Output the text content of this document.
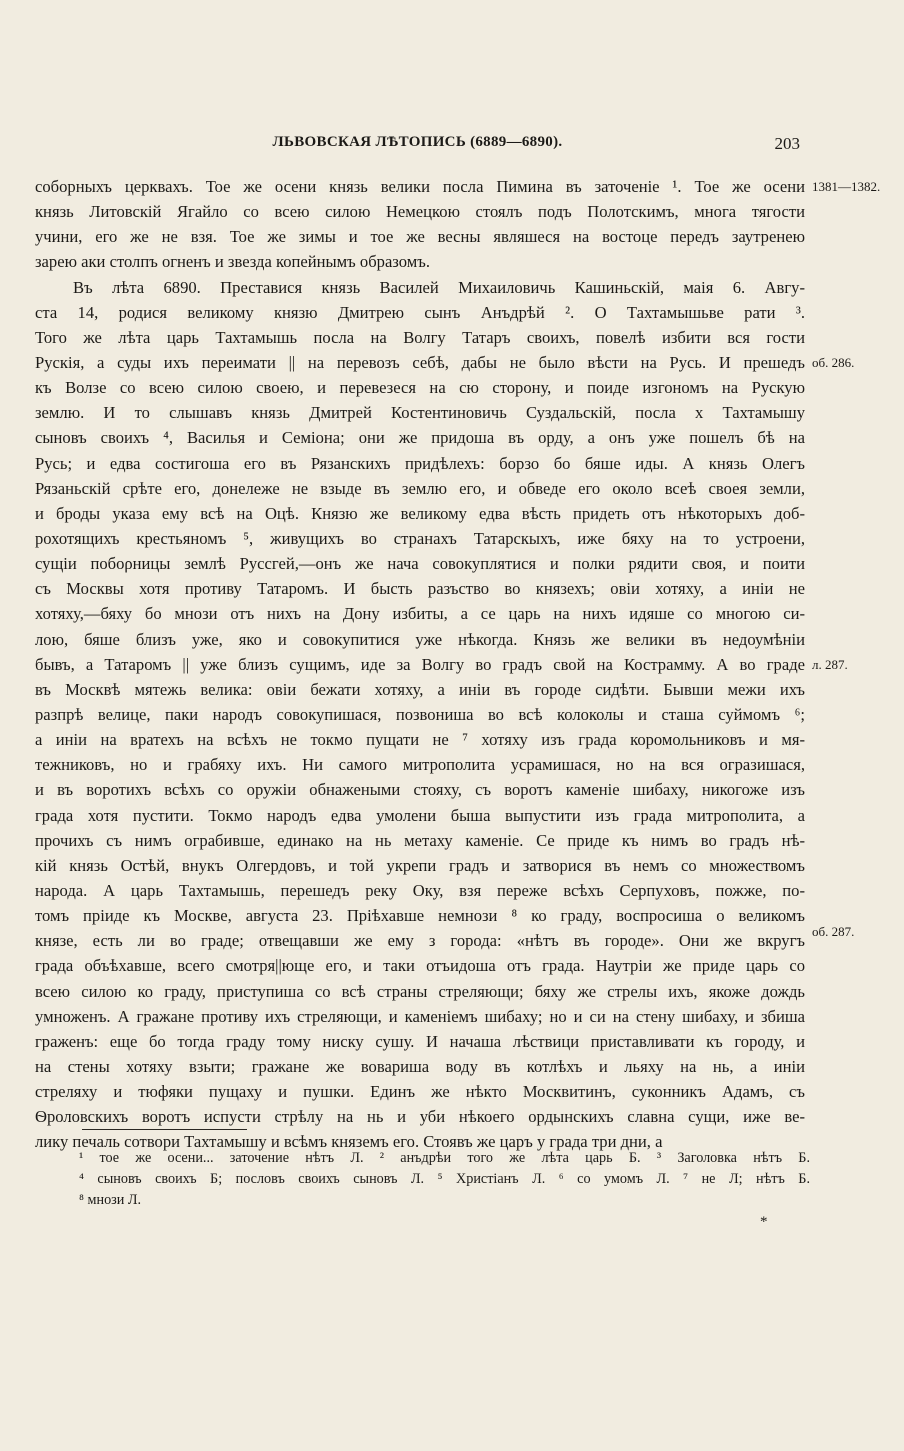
ЛЬВОВСКАЯ ЛѢТОПИСЬ (6889—6890).	203
соборныхъ церквахъ. Тое же осени князь велики посла Пимина въ заточеніе ¹. Тое же осени
князь Литовскій Ягайло со всею силою Немецкою стоялъ подъ Полотскимъ, многа тягости
учини, его же не взя. Тое же зимы и тое же весны являшеся на востоце передъ заутренею
зарею аки столпъ огненъ и звезда копейнымъ образомъ.
Въ лѣта 6890. Преставися князь Василей Михаиловичь Кашиньскій, маія 6. Авгу-
ста 14, родися великому князю Дмитрею сынъ Анъдрѣй ². О Тахтамышьве рати ³.
Того же лѣта царь Тахтамышь посла на Волгу Татаръ своихъ, повелѣ избити вся гости
Рускія, а суды ихъ переимати || на перевозъ себѣ, дабы не было вѣсти на Русь. И прешедъ
къ Волзе со всею силою своею, и перевезеся на сю сторону, и поиде изгономъ на Рускую
землю. И то слышавъ князь Дмитрей Костентиновичь Суздальскій, посла х Тахтамышу
сыновъ своихъ ⁴, Василья и Семіона; они же придоша въ орду, а онъ уже пошелъ бѣ на
Русь; и едва состигоша его въ Рязанскихъ придѣлехъ: борзо бо бяше иды. А князь Олегъ
Рязаньскій срѣте его, донележе не взыде въ землю его, и обведе его около всеѣ своея земли,
и броды указа ему всѣ на Оцѣ. Князю же великому едва вѣсть придеть отъ нѣкоторыхъ доб-
рохотящихъ крестьяномъ ⁵, живущихъ во странахъ Татарскыхъ, иже бяху на то устроени,
сущіи побορницы землѣ Руссгей,—онъ же нача совокуплятися и полки рядити своя, и поити
съ Москвы хотя противу Татаромъ. И бысть разъство во князехъ; овіи хотяху, а иніи не
хотяху,—бяху бо мнози отъ нихъ на Дону избиты, а се царь на нихъ идяше со многою си-
лою, бяше близъ уже, яко и совокупитися уже нѣкогда. Князь же велики въ недоумѣніи
бывъ, а Татаромъ || уже близъ сущимъ, иде за Волгу во градъ свой на Кострамму. А во граде
въ Москвѣ мятежь велика: овіи бежати хотяху, а иніи въ городе сидѣти. Бывши межи ихъ
разпрѣ велице, паки народъ совокупишася, позвониша во всѣ колоколы и сташа суймомъ ⁶;
а иніи на вратехъ на всѣхъ не токмо пущати не ⁷ хотяху изъ града коромольниковъ и мя-
тежниковъ, но и грабяху ихъ. Ни самого митрополита усрамишася, но на вся огразишася,
и въ воротихъ всѣхъ со оружіи обнажеными стояху, съ воротъ каменіе шибаху, никогоже изъ
града хотя пустити. Токмо народъ едва умолени быша выпустити изъ града митрополита, а
прочихъ съ нимъ ограбивше, единако на нь метаху каменіе. Се приде къ нимъ во градъ нѣ-
кій князь Остѣй, внукъ Олгердовъ, и той укрепи градъ и затворися въ немъ со множествомъ
народа. А царь Тахтамышь, перешедъ реку Оку, взя переже всѣхъ Серпуховъ, пожже, по-
томъ пріиде къ Москве, августа 23. Пріѣхавше немнози ⁸ ко граду, воспросиша о великомъ
князе, есть ли во граде; отвещавши же ему з города: «нѣтъ въ городе». Они же вкругъ
града объѣхавше, всего смотря||юще его, и таки отъидоша отъ града. Наутріи же приде царь со
всею силою ко граду, приступиша со всѣ страны стреляющи; бяху же стрелы ихъ, якоже дождь
умноженъ. А гражане противу ихъ стреляющи, и каменіемъ шибаху; но и си на стену шибаху, и збиша
граженъ: еще бо тогда граду тому ниску сушу. И начаша лѣствици приставливати къ городу, и
на стены хотяху взыти; гражане же вовариша воду въ котлѣхъ и льяху на нь, а иніи
стреляху и тюфяки пущаху и пушки. Единъ же нѣкто Москвитинъ, суконникъ Адамъ, съ
Ѳроловскихъ воротъ испусти стрѣлу на нь и уби нѣкоего ордынскихъ славна сущи, иже ве-
лику печаль сотвори Тахтамышу и всѣмъ княземъ его. Стоявъ же царъ у града три дни, а
1381—1382.
об. 286.
л. 287.
об. 287.
¹ тое же осени... заточение нѣтъ Л. ² анъдрѣи того же лѣта царь Б. ³ Заголовка нѣтъ Б.
⁴ сыновъ своихъ Б; пословъ своихъ сыновъ Л. ⁵ Христіанъ Л. ⁶ со умомъ Л. ⁷ не Л; нѣтъ Б.
⁸ мнози Л.
*
